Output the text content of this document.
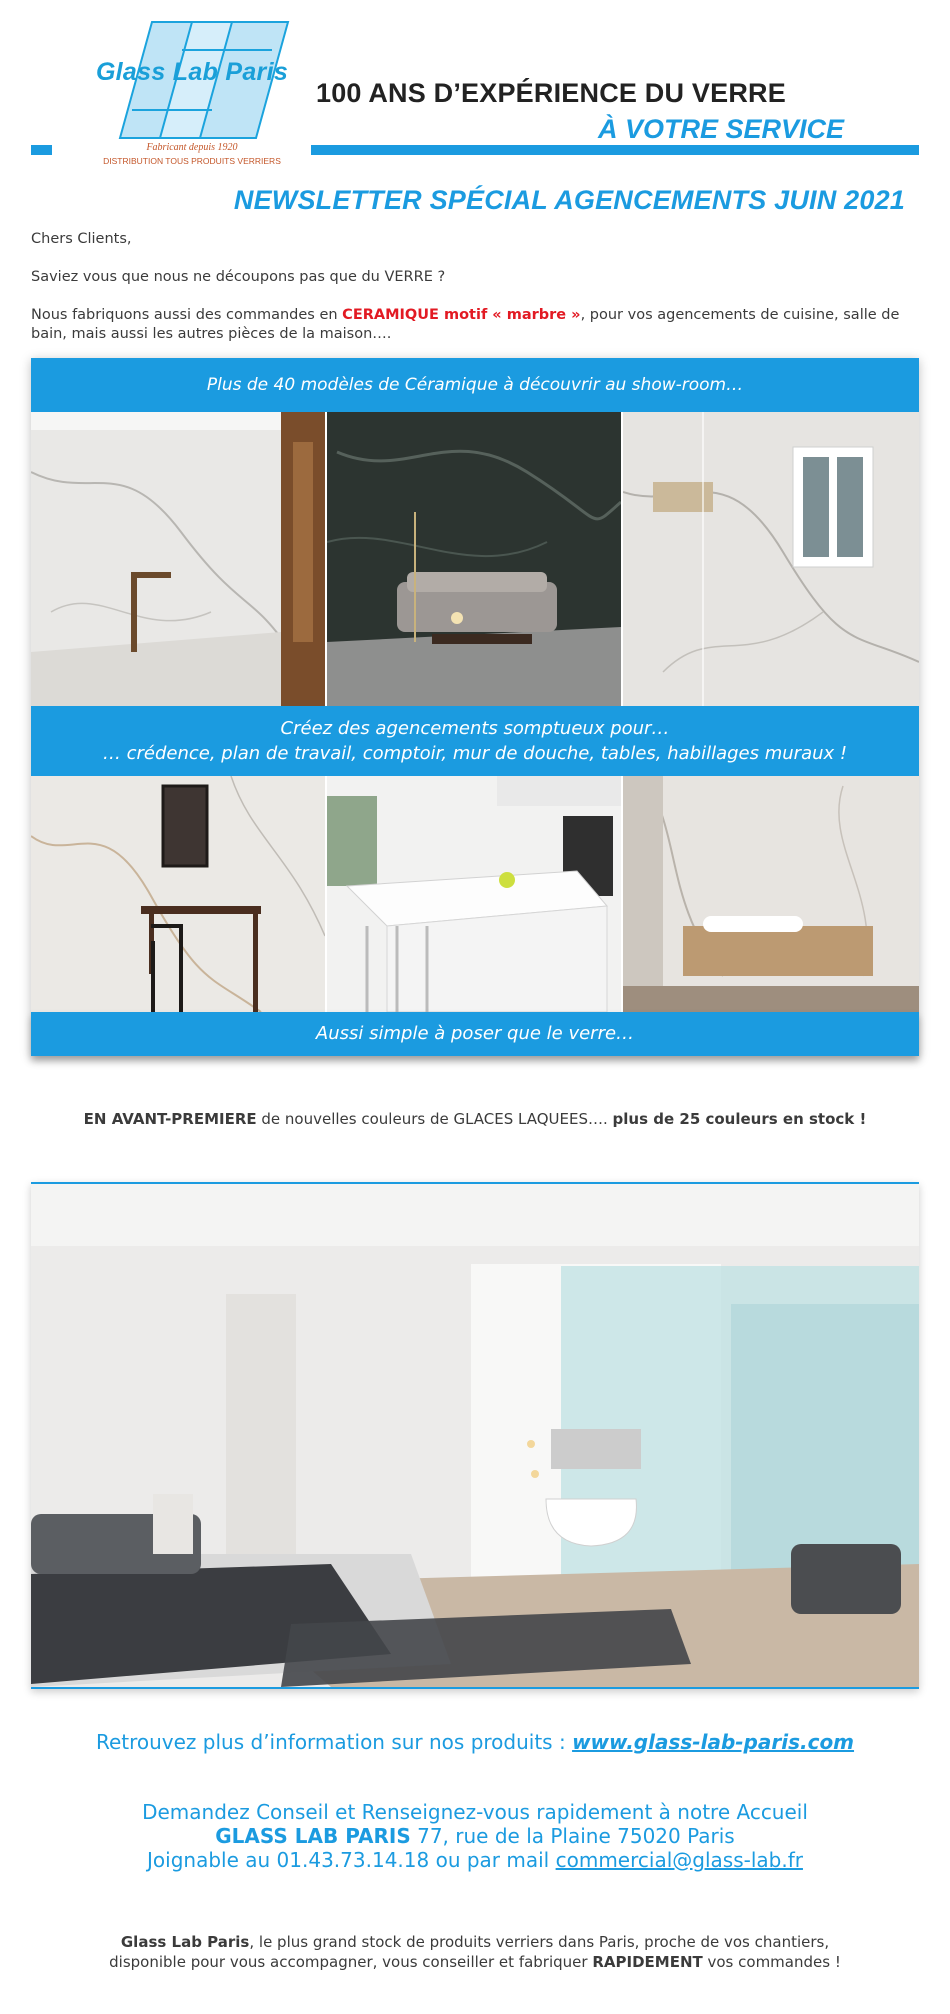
Glass Lab Paris
Fabricant depuis 1920
DISTRIBUTION TOUS PRODUITS VERRIERS
100 ANS D’EXPÉRIENCE DU VERRE
À VOTRE SERVICE
NEWSLETTER SPÉCIAL AGENCEMENTS JUIN 2021

Chers Clients,

Saviez vous que nous ne découpons pas que du VERRE ?

Nous fabriquons aussi des commandes en CERAMIQUE motif « marbre », pour vos agencements de cuisine, salle de bain, mais aussi les autres pièces de la maison….

Plus de 40 modèles de Céramique à découvrir au show-room…
Créez des agencements somptueux pour…
… crédence, plan de travail, comptoir, mur de douche, tables, habillages muraux !
Aussi simple à poser que le verre…
EN AVANT-PREMIERE de nouvelles couleurs de GLACES LAQUEES…. plus de 25 couleurs en stock !
Retrouvez plus d’information sur nos produits : www.glass-lab-paris.com
Demandez Conseil et Renseignez-vous rapidement à notre Accueil
GLASS LAB PARIS 77, rue de la Plaine 75020 Paris
Joignable au 01.43.73.14.18 ou par mail commercial@glass-lab.fr
Glass Lab Paris, le plus grand stock de produits verriers dans Paris, proche de vos chantiers,
disponible pour vous accompagner, vous conseiller et fabriquer RAPIDEMENT vos commandes !
